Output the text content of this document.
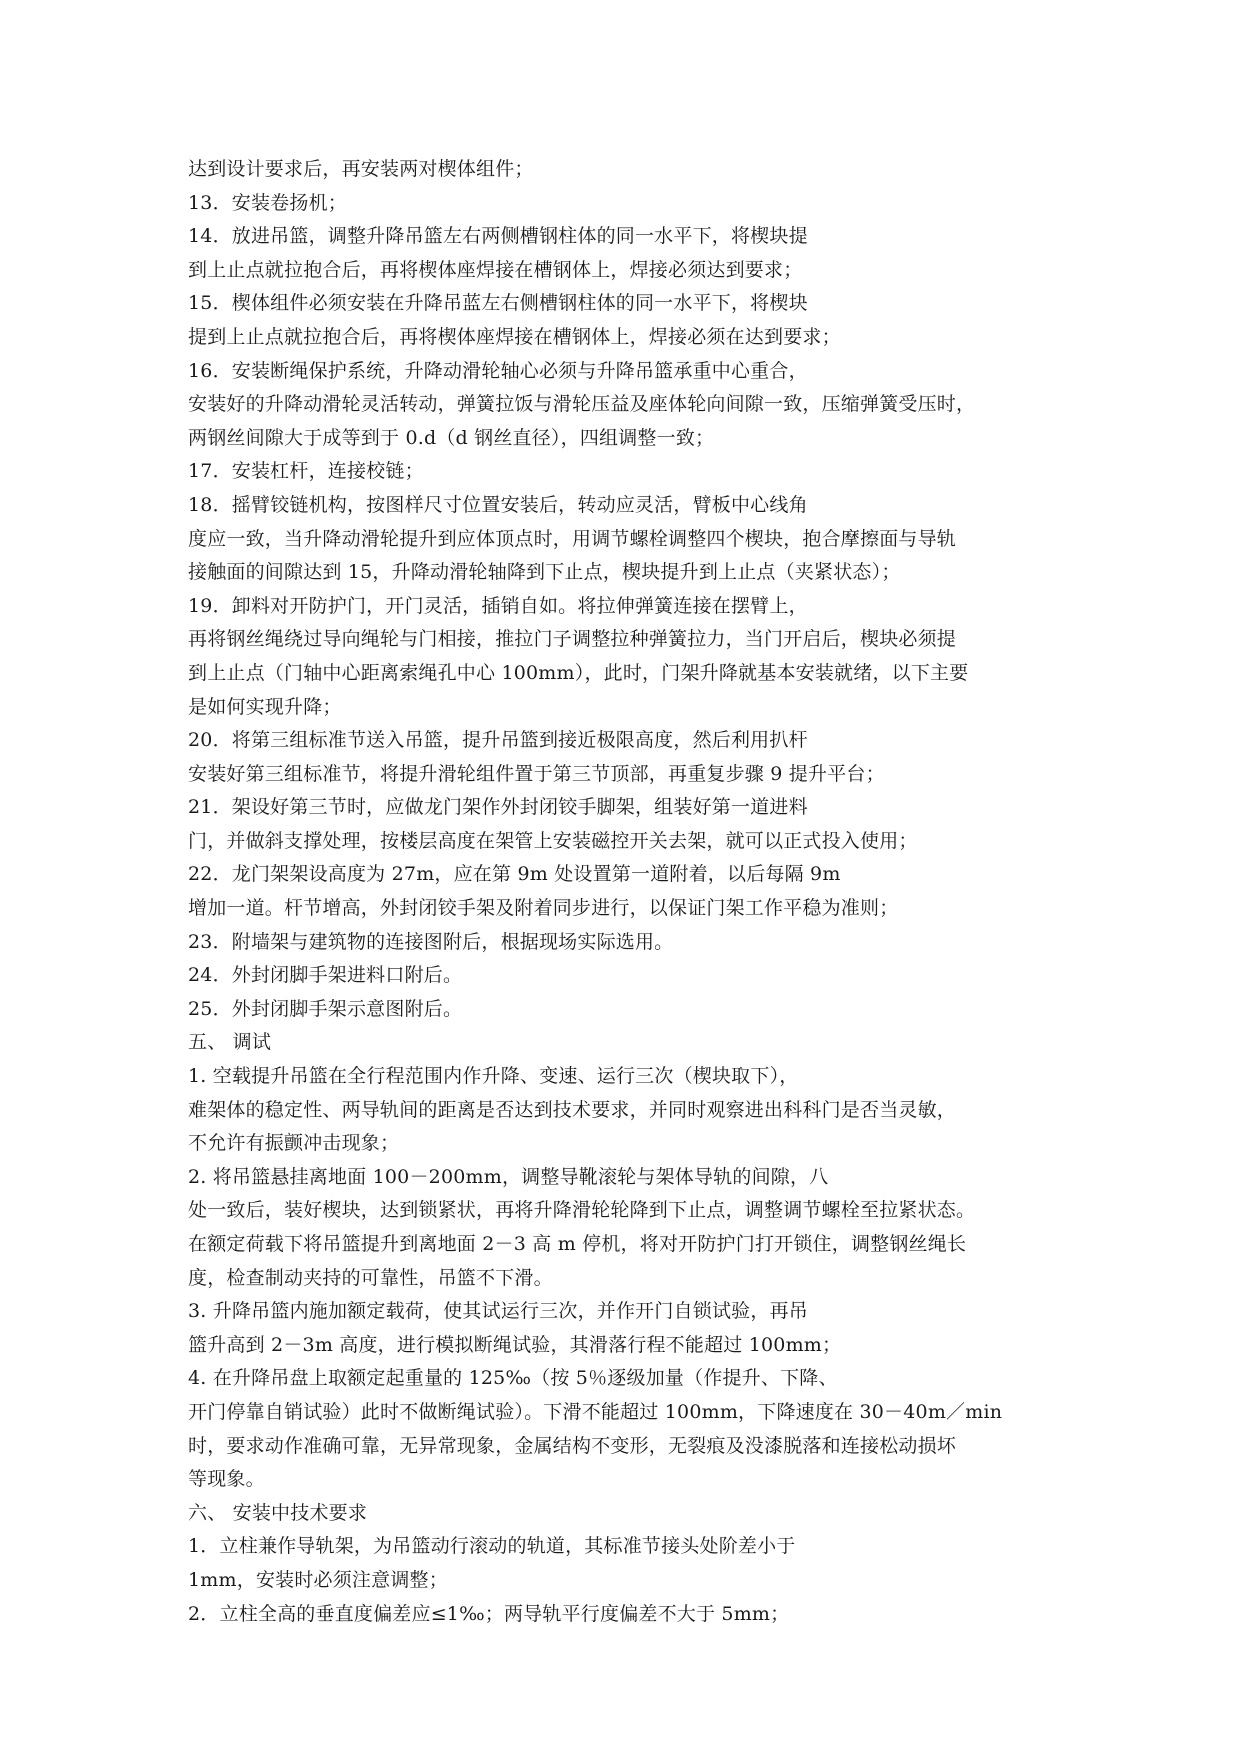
达到设计要求后，再安装两对楔体组件；
13．安装卷扬机；
14．放进吊篮，调整升降吊篮左右两侧槽钢柱体的同一水平下，将楔块提
到上止点就拉抱合后，再将楔体座焊接在槽钢体上，焊接必须达到要求；
15．楔体组件必须安装在升降吊蓝左右侧槽钢柱体的同一水平下，将楔块
提到上止点就拉抱合后，再将楔体座焊接在槽钢体上，焊接必须在达到要求；
16．安装断绳保护系统，升降动滑轮轴心必须与升降吊篮承重中心重合，
安装好的升降动滑轮灵活转动，弹簧拉饭与滑轮压益及座体轮向间隙一致，压缩弹簧受压时，
两钢丝间隙大于成等到于 0.d（d 钢丝直径），四组调整一致；
17．安装杠杆，连接校链；
18．摇臂铰链机构，按图样尺寸位置安装后，转动应灵活，臂板中心线角
度应一致，当升降动滑轮提升到应体顶点时，用调节螺栓调整四个楔块，抱合摩擦面与导轨
接触面的间隙达到 15，升降动滑轮轴降到下止点，楔块提升到上止点（夹紧状态）；
19．卸料对开防护门，开门灵活，插销自如。将拉伸弹簧连接在摆臂上，
再将钢丝绳绕过导向绳轮与门相接，推拉门子调整拉种弹簧拉力，当门开启后，楔块必须提
到上止点（门轴中心距离索绳孔中心 100mm），此时，门架升降就基本安装就绪，以下主要
是如何实现升降；
20．将第三组标准节送入吊篮，提升吊篮到接近极限高度，然后利用扒杆
安装好第三组标准节，将提升滑轮组件置于第三节顶部，再重复步骤 9 提升平台；
21．架设好第三节时，应做龙门架作外封闭铰手脚架，组装好第一道进料
门，并做斜支撑处理，按楼层高度在架管上安装磁控开关去架，就可以正式投入使用；
22．龙门架架设高度为 27m，应在第 9m 处设置第一道附着，以后每隔 9m
增加一道。杆节增高，外封闭铰手架及附着同步进行，以保证门架工作平稳为准则；
23．附墙架与建筑物的连接图附后，根据现场实际选用。
24．外封闭脚手架进料口附后。
25．外封闭脚手架示意图附后。
五、 调试
1. 空载提升吊篮在全行程范围内作升降、变速、运行三次（楔块取下），
难架体的稳定性、两导轨间的距离是否达到技术要求，并同时观察进出科科门是否当灵敏，
不允许有振颤冲击现象；
2. 将吊篮悬挂离地面 100－200mm，调整导靴滚轮与架体导轨的间隙，八
处一致后，装好楔块，达到锁紧状，再将升降滑轮轮降到下止点，调整调节螺栓至拉紧状态。
在额定荷载下将吊篮提升到离地面 2－3 高 m 停机，将对开防护门打开锁住，调整钢丝绳长
度，检查制动夹持的可靠性，吊篮不下滑。
3. 升降吊篮内施加额定载荷，使其试运行三次，并作开门自锁试验，再吊
篮升高到 2－3m 高度，进行模拟断绳试验，其滑落行程不能超过 100mm；
4. 在升降吊盘上取额定起重量的 125‰（按 5％逐级加量（作提升、下降、
开门停靠自销试验）此时不做断绳试验）。下滑不能超过 100mm，下降速度在 30－40m／min
时，要求动作准确可靠，无异常现象，金属结构不变形，无裂痕及没漆脱落和连接松动损坏
等现象。
六、 安装中技术要求
1．立柱兼作导轨架，为吊篮动行滚动的轨道，其标准节接头处阶差小于
1mm，安装时必须注意调整；
2．立柱全高的垂直度偏差应≤1‰；两导轨平行度偏差不大于 5mm；
